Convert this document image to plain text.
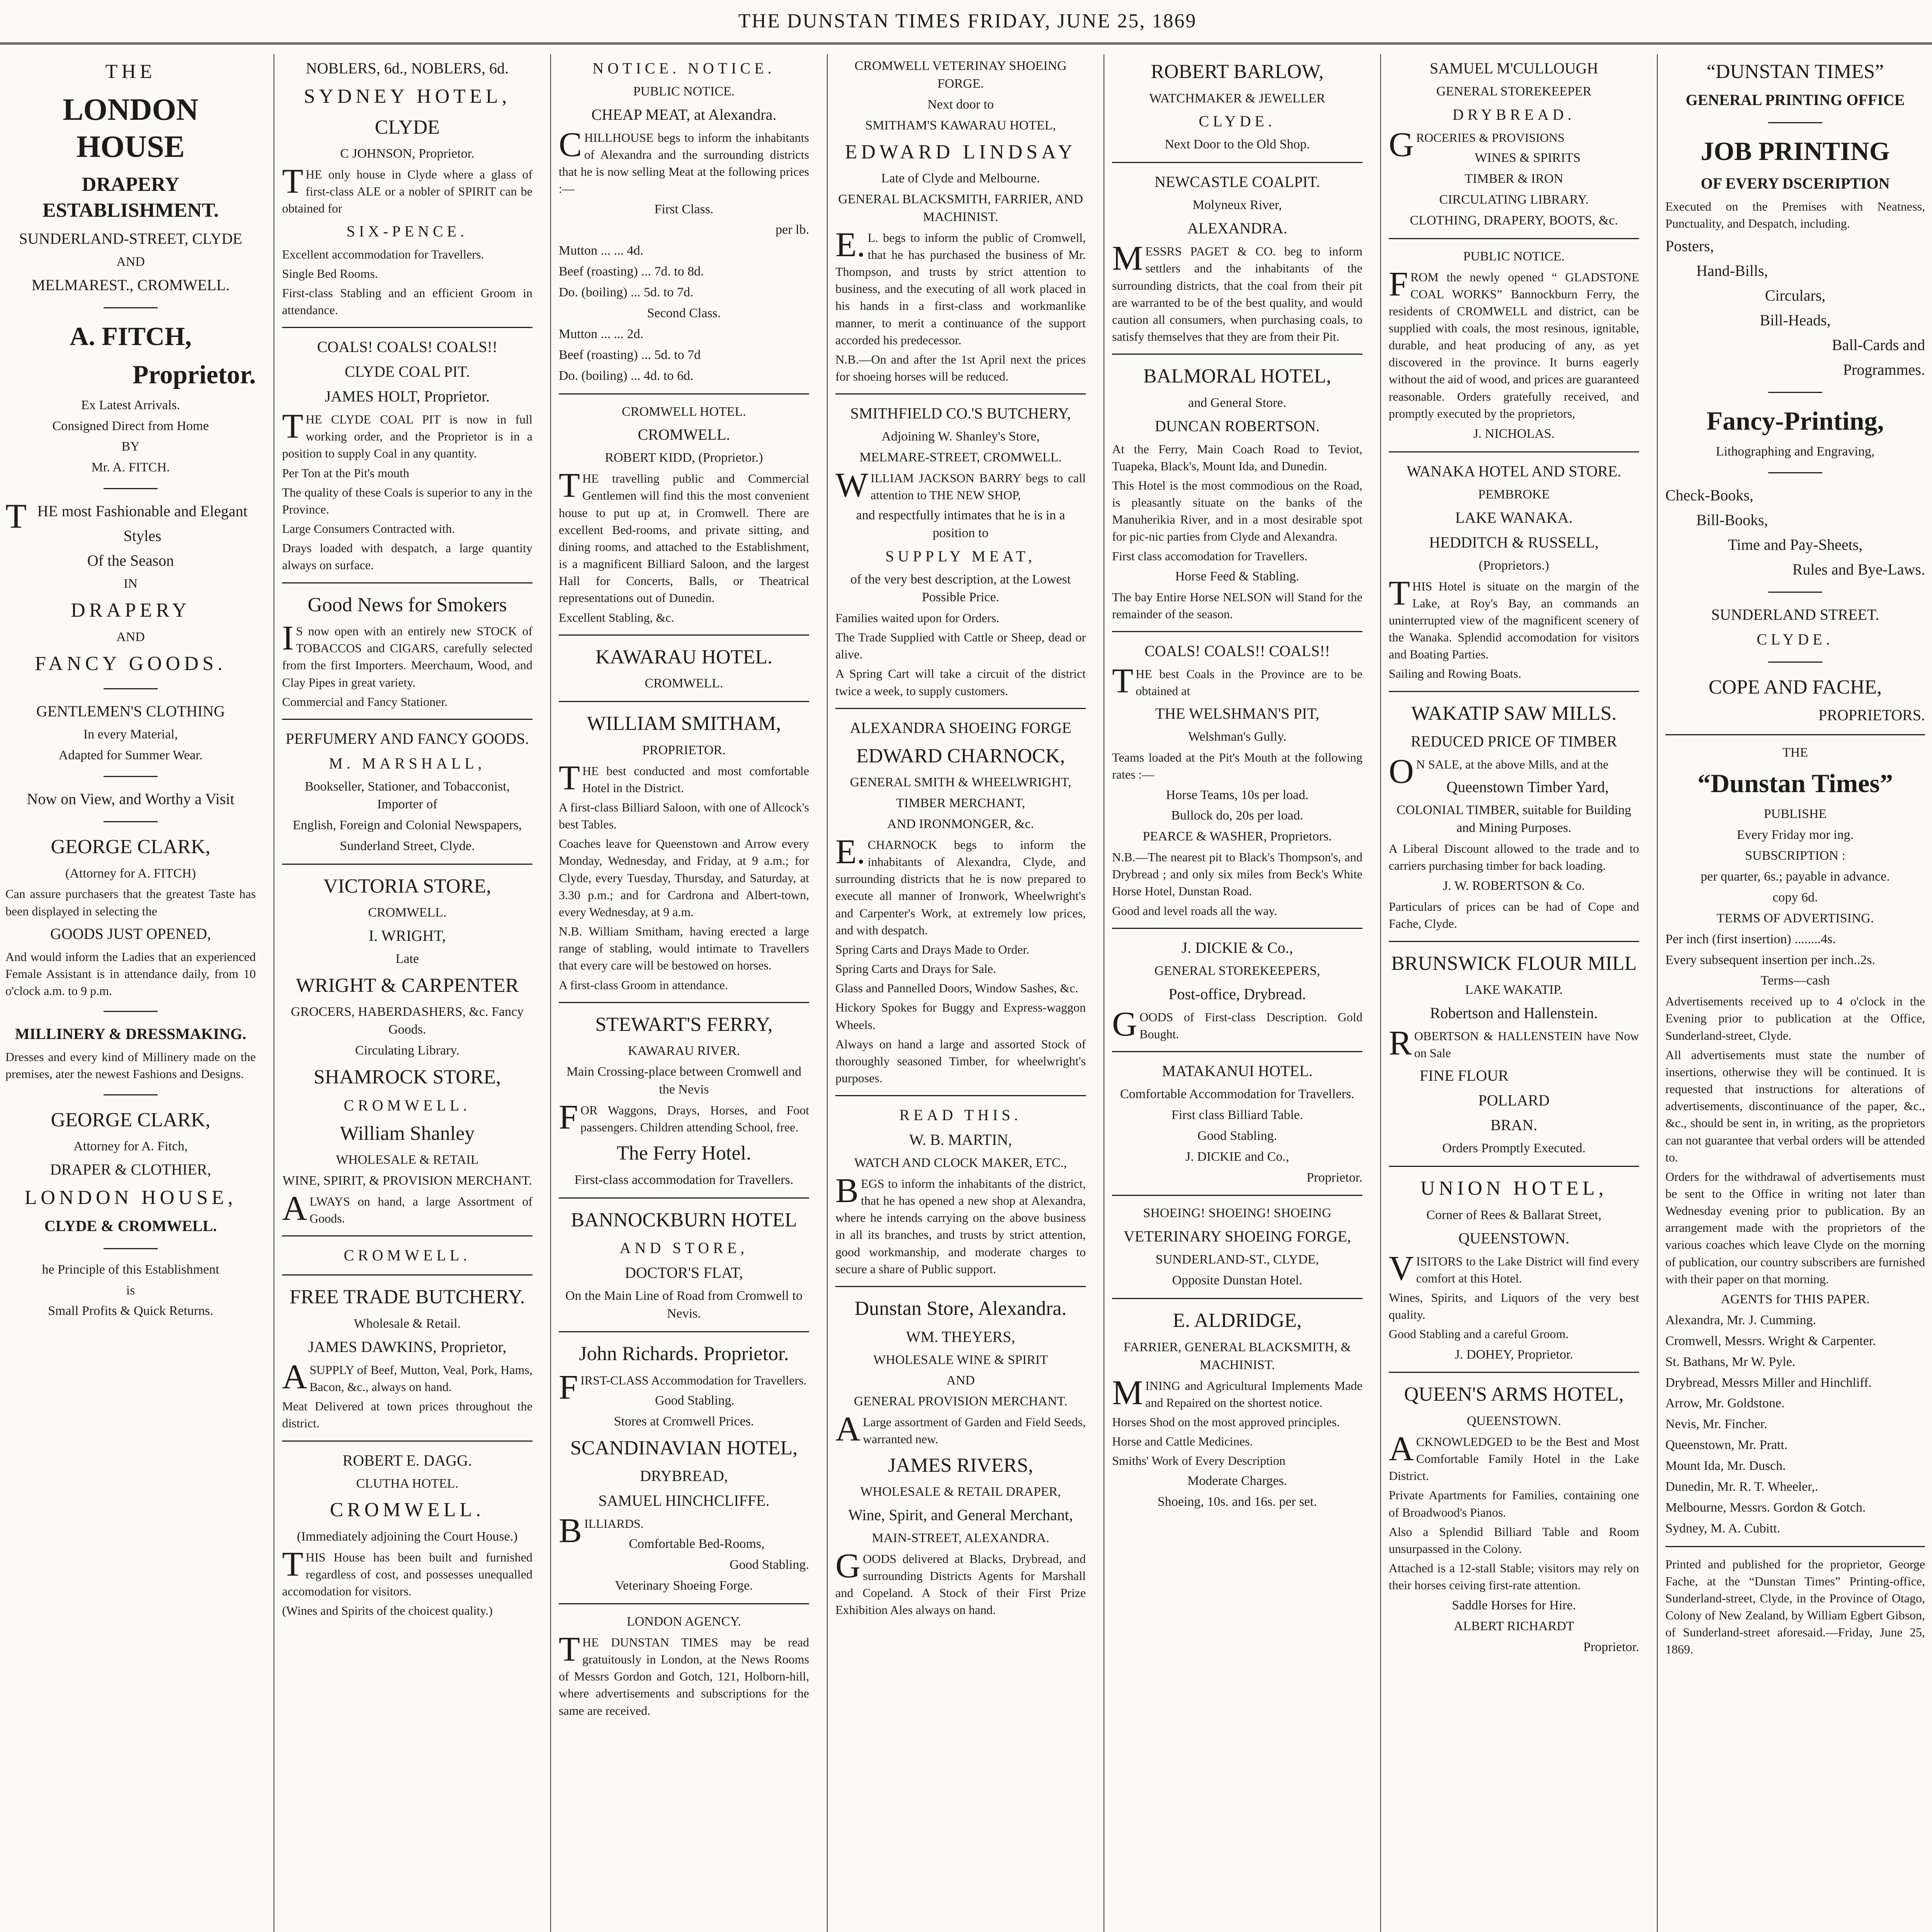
THE DUNSTAN TIMES FRIDAY, JUNE 25, 1869
THE
LONDON HOUSE
DRAPERY ESTABLISHMENT.
SUNDERLAND-STREET, CLYDE
AND
MELMAREST., CROMWELL.
A. FITCH,
Proprietor.
Ex Latest Arrivals.
Consigned Direct from Home
BY
Mr. A. FITCH.
THE most Fashionable and Elegant
Styles
Of the Season
IN
DRAPERY
AND
FANCY GOODS.
GENTLEMEN'S CLOTHING
In every Material,
Adapted for Summer Wear.
Now on View, and Worthy a Visit
GEORGE CLARK,
(Attorney for A. FITCH)
Can assure purchasers that the greatest Taste has been displayed in selecting the
GOODS JUST OPENED,
And would inform the Ladies that an experienced Female Assistant is in attendance daily, from 10 o'clock a.m. to 9 p.m.
MILLINERY & DRESSMAKING.
Dresses and every kind of Millinery made on the premises, ater the newest Fashions and Designs.
GEORGE CLARK,
Attorney for A. Fitch,
DRAPER & CLOTHIER,
LONDON HOUSE,
CLYDE & CROMWELL.
he Principle of this Establishment
is
Small Profits & Quick Returns.
NOBLERS, 6d., NOBLERS, 6d.
SYDNEY HOTEL,
CLYDE
C JOHNSON, Proprietor.
THE only house in Clyde where a glass of first-class ALE or a nobler of SPIRIT can be obtained for
SIX-PENCE.
Excellent accommodation for Travellers.
Single Bed Rooms.
First-class Stabling and an efficient Groom in attendance.
COALS! COALS! COALS!!
CLYDE COAL PIT.
JAMES HOLT, Proprietor.
THE CLYDE COAL PIT is now in full working order, and the Proprietor is in a position to supply Coal in any quantity.
Per Ton at the Pit's mouth
The quality of these Coals is superior to any in the Province.
Large Consumers Contracted with.
Drays loaded with despatch, a large quantity always on surface.
Good News for Smokers
IS now open with an entirely new STOCK of TOBACCOS and CIGARS, carefully selected from the first Importers. Meerchaum, Wood, and Clay Pipes in great variety.
Commercial and Fancy Stationer.
PERFUMERY AND FANCY GOODS.
M. MARSHALL,
Bookseller, Stationer, and Tobacconist, Importer of
English, Foreign and Colonial Newspapers,
Sunderland Street, Clyde.
VICTORIA STORE,
CROMWELL.
I. WRIGHT,
Late
WRIGHT & CARPENTER
GROCERS, HABERDASHERS, &c. Fancy Goods.
Circulating Library.
SHAMROCK STORE,
CROMWELL.
William Shanley
WHOLESALE & RETAIL
WINE, SPIRIT, & PROVISION MERCHANT.
ALWAYS on hand, a large Assortment of Goods.
CROMWELL.
FREE TRADE BUTCHERY.
Wholesale & Retail.
JAMES DAWKINS, Proprietor,
ASUPPLY of Beef, Mutton, Veal, Pork, Hams, Bacon, &c., always on hand.
Meat Delivered at town prices throughout the district.
ROBERT E. DAGG.
CLUTHA HOTEL.
CROMWELL.
(Immediately adjoining the Court House.)
THIS House has been built and furnished regardless of cost, and possesses unequalled accomodation for visitors.
(Wines and Spirits of the choicest quality.)
NOTICE. NOTICE.
PUBLIC NOTICE.
CHEAP MEAT, at Alexandra.
CHILLHOUSE begs to inform the inhabitants of Alexandra and the surrounding districts that he is now selling Meat at the following prices :—
First Class.
per lb.
Mutton ... ... 4d.
Beef (roasting) ... 7d. to 8d.
Do. (boiling) ... 5d. to 7d.
Second Class.
Mutton ... ... 2d.
Beef (roasting) ... 5d. to 7d
Do. (boiling) ... 4d. to 6d.
CROMWELL HOTEL.
CROMWELL.
ROBERT KIDD, (Proprietor.)
THE travelling public and Commercial Gentlemen will find this the most convenient house to put up at, in Cromwell. There are excellent Bed-rooms, and private sitting, and dining rooms, and attached to the Establishment, is a magnificent Billiard Saloon, and the largest Hall for Concerts, Balls, or Theatrical representations out of Dunedin.
Excellent Stabling, &c.
KAWARAU HOTEL.
CROMWELL.
WILLIAM SMITHAM,
PROPRIETOR.
THE best conducted and most comfortable Hotel in the District.
A first-class Billiard Saloon, with one of Allcock's best Tables.
Coaches leave for Queenstown and Arrow every Monday, Wednesday, and Friday, at 9 a.m.; for Clyde, every Tuesday, Thursday, and Saturday, at 3.30 p.m.; and for Cardrona and Albert-town, every Wednesday, at 9 a.m.
N.B. William Smitham, having erected a large range of stabling, would intimate to Travellers that every care will be bestowed on horses.
A first-class Groom in attendance.
STEWART'S FERRY,
KAWARAU RIVER.
Main Crossing-place between Cromwell and the Nevis
FOR Waggons, Drays, Horses, and Foot passengers. Children attending School, free.
The Ferry Hotel.
First-class accommodation for Travellers.
BANNOCKBURN HOTEL
AND STORE,
DOCTOR'S FLAT,
On the Main Line of Road from Cromwell to Nevis.
John Richards. Proprietor.
FIRST-CLASS Accommodation for Travellers.
Good Stabling.
Stores at Cromwell Prices.
SCANDINAVIAN HOTEL,
DRYBREAD,
SAMUEL HINCHCLIFFE.
BILLIARDS.
Comfortable Bed-Rooms,
Good Stabling.
Veterinary Shoeing Forge.
LONDON AGENCY.
THE DUNSTAN TIMES may be read gratuitously in London, at the News Rooms of Messrs Gordon and Gotch, 121, Holborn-hill, where advertisements and subscriptions for the same are received.
CROMWELL VETERINAY SHOEING FORGE.
Next door to
SMITHAM'S KAWARAU HOTEL,
EDWARD LINDSAY
Late of Clyde and Melbourne.
GENERAL BLACKSMITH, FARRIER, AND MACHINIST.
E.L. begs to inform the public of Cromwell, that he has purchased the business of Mr. Thompson, and trusts by strict attention to business, and the executing of all work placed in his hands in a first-class and workmanlike manner, to merit a continuance of the support accorded his predecessor.
N.B.—On and after the 1st April next the prices for shoeing horses will be reduced.
SMITHFIELD CO.'S BUTCHERY,
Adjoining W. Shanley's Store,
MELMARE-STREET, CROMWELL.
WILLIAM JACKSON BARRY begs to call attention to THE NEW SHOP,
and respectfully intimates that he is in a position to
SUPPLY MEAT,
of the very best description, at the Lowest Possible Price.
Families waited upon for Orders.
The Trade Supplied with Cattle or Sheep, dead or alive.
A Spring Cart will take a circuit of the district twice a week, to supply customers.
ALEXANDRA SHOEING FORGE
EDWARD CHARNOCK,
GENERAL SMITH & WHEELWRIGHT,
TIMBER MERCHANT,
AND IRONMONGER, &c.
E.CHARNOCK begs to inform the inhabitants of Alexandra, Clyde, and surrounding districts that he is now prepared to execute all manner of Ironwork, Wheelwright's and Carpenter's Work, at extremely low prices, and with despatch.
Spring Carts and Drays Made to Order.
Spring Carts and Drays for Sale.
Glass and Pannelled Doors, Window Sashes, &c.
Hickory Spokes for Buggy and Express-waggon Wheels.
Always on hand a large and assorted Stock of thoroughly seasoned Timber, for wheelwright's purposes.
READ THIS.
W. B. MARTIN,
WATCH AND CLOCK MAKER, ETC.,
BEGS to inform the inhabitants of the district, that he has opened a new shop at Alexandra, where he intends carrying on the above business in all its branches, and trusts by strict attention, good workmanship, and moderate charges to secure a share of Public support.
Dunstan Store, Alexandra.
WM. THEYERS,
WHOLESALE WINE & SPIRIT
AND
GENERAL PROVISION MERCHANT.
ALarge assortment of Garden and Field Seeds, warranted new.
JAMES RIVERS,
WHOLESALE & RETAIL DRAPER,
Wine, Spirit, and General Merchant,
MAIN-STREET, ALEXANDRA.
GOODS delivered at Blacks, Drybread, and surrounding Districts Agents for Marshall and Copeland. A Stock of their First Prize Exhibition Ales always on hand.
ROBERT BARLOW,
WATCHMAKER & JEWELLER
CLYDE.
Next Door to the Old Shop.
NEWCASTLE COALPIT.
Molyneux River,
ALEXANDRA.
MESSRS PAGET & CO. beg to inform settlers and the inhabitants of the surrounding districts, that the coal from their pit are warranted to be of the best quality, and would caution all consumers, when purchasing coals, to satisfy themselves that they are from their Pit.
BALMORAL HOTEL,
and General Store.
DUNCAN ROBERTSON.
At the Ferry, Main Coach Road to Teviot, Tuapeka, Black's, Mount Ida, and Dunedin.
This Hotel is the most commodious on the Road, is pleasantly situate on the banks of the Manuherikia River, and in a most desirable spot for pic-nic parties from Clyde and Alexandra.
First class accomodation for Travellers.
Horse Feed & Stabling.
The bay Entire Horse NELSON will Stand for the remainder of the season.
COALS! COALS!! COALS!!
THE best Coals in the Province are to be obtained at
THE WELSHMAN'S PIT,
Welshman's Gully.
Teams loaded at the Pit's Mouth at the following rates :—
Horse Teams, 10s per load.
Bullock do, 20s per load.
PEARCE & WASHER, Proprietors.
N.B.—The nearest pit to Black's Thompson's, and Drybread ; and only six miles from Beck's White Horse Hotel, Dunstan Road.
Good and level roads all the way.
J. DICKIE & Co.,
GENERAL STOREKEEPERS,
Post-office, Drybread.
GOODS of First-class Description. Gold Bought.
MATAKANUI HOTEL.
Comfortable Accommodation for Travellers.
First class Billiard Table.
Good Stabling.
J. DICKIE and Co.,
Proprietor.
SHOEING! SHOEING! SHOEING
VETERINARY SHOEING FORGE,
SUNDERLAND-ST., CLYDE,
Opposite Dunstan Hotel.
E. ALDRIDGE,
FARRIER, GENERAL BLACKSMITH, & MACHINIST.
MINING and Agricultural Implements Made and Repaired on the shortest notice.
Horses Shod on the most approved principles.
Horse and Cattle Medicines.
Smiths' Work of Every Description
Moderate Charges.
Shoeing, 10s. and 16s. per set.
SAMUEL M'CULLOUGH
GENERAL STOREKEEPER
DRYBREAD.
GROCERIES & PROVISIONS
WINES & SPIRITS
TIMBER & IRON
CIRCULATING LIBRARY.
CLOTHING, DRAPERY, BOOTS, &c.
PUBLIC NOTICE.
FROM the newly opened “ GLADSTONE COAL WORKS” Bannockburn Ferry, the residents of CROMWELL and district, can be supplied with coals, the most resinous, ignitable, durable, and heat producing of any, as yet discovered in the province. It burns eagerly without the aid of wood, and prices are guaranteed reasonable. Orders gratefully received, and promptly executed by the proprietors,
J. NICHOLAS.
WANAKA HOTEL AND STORE.
PEMBROKE
LAKE WANAKA.
HEDDITCH & RUSSELL,
(Proprietors.)
THIS Hotel is situate on the margin of the Lake, at Roy's Bay, an commands an uninterrupted view of the magnificent scenery of the Wanaka. Splendid accomodation for visitors and Boating Parties.
Sailing and Rowing Boats.
WAKATIP SAW MILLS.
REDUCED PRICE OF TIMBER
ON SALE, at the above Mills, and at the
Queenstown Timber Yard,
COLONIAL TIMBER, suitable for Building and Mining Purposes.
A Liberal Discount allowed to the trade and to carriers purchasing timber for back loading.
J. W. ROBERTSON & Co.
Particulars of prices can be had of Cope and Fache, Clyde.
BRUNSWICK FLOUR MILL
LAKE WAKATIP.
Robertson and Hallenstein.
ROBERTSON & HALLENSTEIN have Now on Sale
FINE FLOUR
POLLARD
BRAN.
Orders Promptly Executed.
UNION HOTEL,
Corner of Rees & Ballarat Street,
QUEENSTOWN.
VISITORS to the Lake District will find every comfort at this Hotel.
Wines, Spirits, and Liquors of the very best quality.
Good Stabling and a careful Groom.
J. DOHEY, Proprietor.
QUEEN'S ARMS HOTEL,
QUEENSTOWN.
ACKNOWLEDGED to be the Best and Most Comfortable Family Hotel in the Lake District.
Private Apartments for Families, containing one of Broadwood's Pianos.
Also a Splendid Billiard Table and Room unsurpassed in the Colony.
Attached is a 12-stall Stable; visitors may rely on their horses ceiving first-rate attention.
Saddle Horses for Hire.
ALBERT RICHARDT
Proprietor.
“DUNSTAN TIMES”
GENERAL PRINTING OFFICE
JOB PRINTING
OF EVERY DSCERIPTION
Executed on the Premises with Neatness, Punctuality, and Despatch, including.
Posters,
Hand-Bills,
Circulars,
Bill-Heads,
Ball-Cards and
Programmes.
Fancy-Printing,
Lithographing and Engraving,
Check-Books,
Bill-Books,
Time and Pay-Sheets,
Rules and Bye-Laws.
SUNDERLAND STREET.
CLYDE.
COPE AND FACHE,
PROPRIETORS.
THE
“Dunstan Times”
PUBLISHE
Every Friday mor ing.
SUBSCRIPTION :
per quarter, 6s.; payable in advance.
copy 6d.
TERMS OF ADVERTISING.
Per inch (first insertion) ........4s.
Every subsequent insertion per inch..2s.
Terms—cash
Advertisements received up to 4 o'clock in the Evening prior to publication at the Office, Sunderland-street, Clyde.
All advertisements must state the number of insertions, otherwise they will be continued. It is requested that instructions for alterations of advertisements, discontinuance of the paper, &c., &c., should be sent in, in writing, as the proprietors can not guarantee that verbal orders will be attended to.
Orders for the withdrawal of advertisements must be sent to the Office in writing not later than Wednesday evening prior to publication. By an arrangement made with the proprietors of the various coaches which leave Clyde on the morning of publication, our country subscribers are furnished with their paper on that morning.
AGENTS for THIS PAPER.
Alexandra, Mr. J. Cumming.
Cromwell, Messrs. Wright & Carpenter.
St. Bathans, Mr W. Pyle.
Drybread, Messrs Miller and Hinchliff.
Arrow, Mr. Goldstone.
Nevis, Mr. Fincher.
Queenstown, Mr. Pratt.
Mount Ida, Mr. Dusch.
Dunedin, Mr. R. T. Wheeler,.
Melbourne, Messrs. Gordon & Gotch.
Sydney, M. A. Cubitt.
Printed and published for the proprietor, George Fache, at the “Dunstan Times” Printing-office, Sunderland-street, Clyde, in the Province of Otago, Colony of New Zealand, by William Egbert Gibson, of Sunderland-street aforesaid.—Friday, June 25, 1869.
